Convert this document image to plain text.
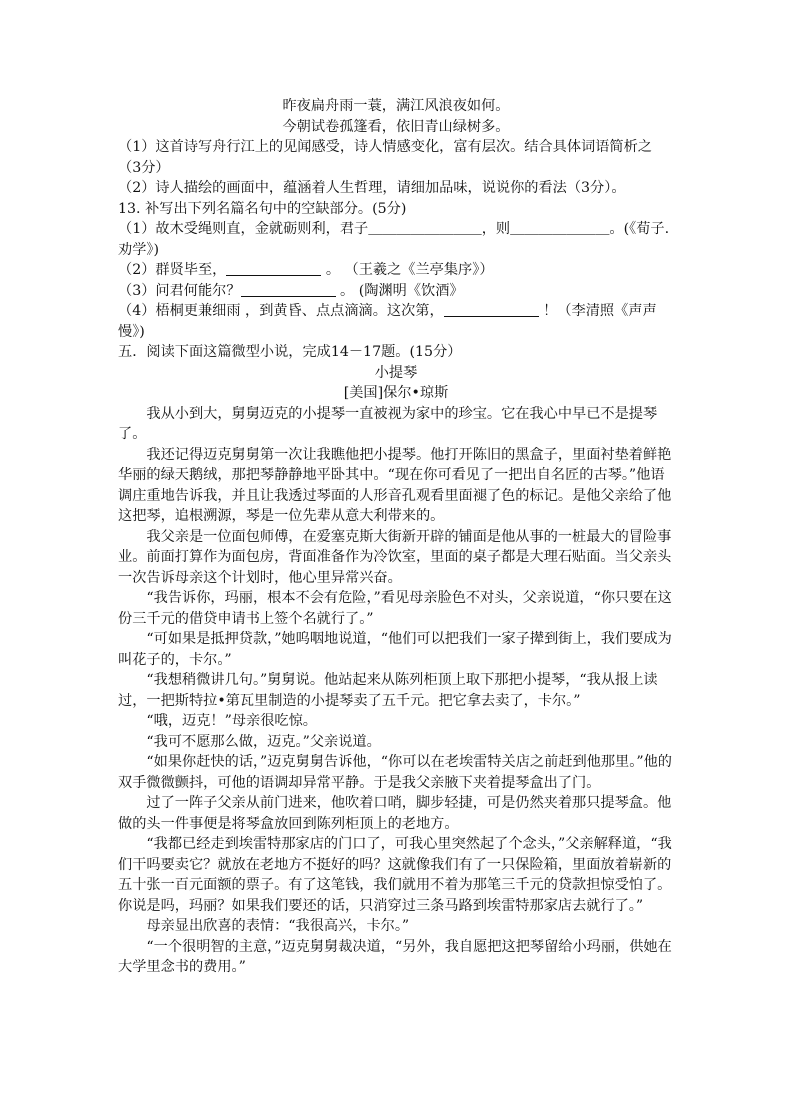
昨夜扁舟雨一蓑，满江风浪夜如何。

今朝试卷孤篷看，依旧青山绿树多。

（1）这首诗写舟行江上的见闻感受，诗人情感变化，富有层次。结合具体词语简析之（3分）

（2）诗人描绘的画面中，蕴涵着人生哲理，请细加品味，说说你的看法（3分）。

13. 补写出下列名篇名句中的空缺部分。(5分)

（1）故木受绳则直，金就砺则利，君子＿＿＿＿＿＿＿＿，则＿＿＿＿＿＿＿。(《荀子. 劝学》)

（2）群贤毕至，	。 （王羲之《兰亭集序》）

（3）问君何能尔？	。 (陶渊明《饮酒》

（4）梧桐更兼细雨 ，到黄昏、点点滴滴。这次第，	！（李清照《声声慢》)

五．阅读下面这篇微型小说，完成14－17题。(15分）

小提琴

[美国]保尔•琼斯

我从小到大，舅舅迈克的小提琴一直被视为家中的珍宝。它在我心中早已不是提琴了。

我还记得迈克舅舅第一次让我瞧他把小提琴。他打开陈旧的黑盒子，里面衬垫着鲜艳华丽的绿天鹅绒，那把琴静静地平卧其中。“现在你可看见了一把出自名匠的古琴。”他语调庄重地告诉我，并且让我透过琴面的人形音孔观看里面褪了色的标记。是他父亲给了他这把琴，追根溯源，琴是一位先辈从意大利带来的。

我父亲是一位面包师傅，在爱塞克斯大街新开辟的铺面是他从事的一桩最大的冒险事业。前面打算作为面包房，背面准备作为冷饮室，里面的桌子都是大理石贴面。当父亲头一次告诉母亲这个计划时，他心里异常兴奋。

“我告诉你，玛丽，根本不会有危险，”看见母亲脸色不对头，父亲说道，“你只要在这份三千元的借贷申请书上签个名就行了。”

“可如果是抵押贷款，”她呜咽地说道，“他们可以把我们一家子撵到街上，我们要成为叫花子的，卡尔。”

“我想稍微讲几句。”舅舅说。他站起来从陈列柜顶上取下那把小提琴，“我从报上读过，一把斯特拉•第瓦里制造的小提琴卖了五千元。把它拿去卖了，卡尔。”

“哦，迈克！”母亲很吃惊。

“我可不愿那么做，迈克。”父亲说道。

“如果你赶快的话，”迈克舅舅告诉他，“你可以在老埃雷特关店之前赶到他那里。”他的双手微微颤抖，可他的语调却异常平静。于是我父亲腋下夹着提琴盒出了门。

过了一阵子父亲从前门进来，他吹着口哨，脚步轻捷，可是仍然夹着那只提琴盒。他做的头一件事便是将琴盒放回到陈列柜顶上的老地方。

“我都已经走到埃雷特那家店的门口了，可我心里突然起了个念头，”父亲解释道，“我们干吗要卖它？就放在老地方不挺好的吗？这就像我们有了一只保险箱，里面放着崭新的五十张一百元面额的票子。有了这笔钱，我们就用不着为那笔三千元的贷款担惊受怕了。你说是吗，玛丽？如果我们要还的话，只消穿过三条马路到埃雷特那家店去就行了。”

母亲显出欣喜的表情：“我很高兴，卡尔。”

“一个很明智的主意，”迈克舅舅裁决道，“另外，我自愿把这把琴留给小玛丽，供她在大学里念书的费用。”
